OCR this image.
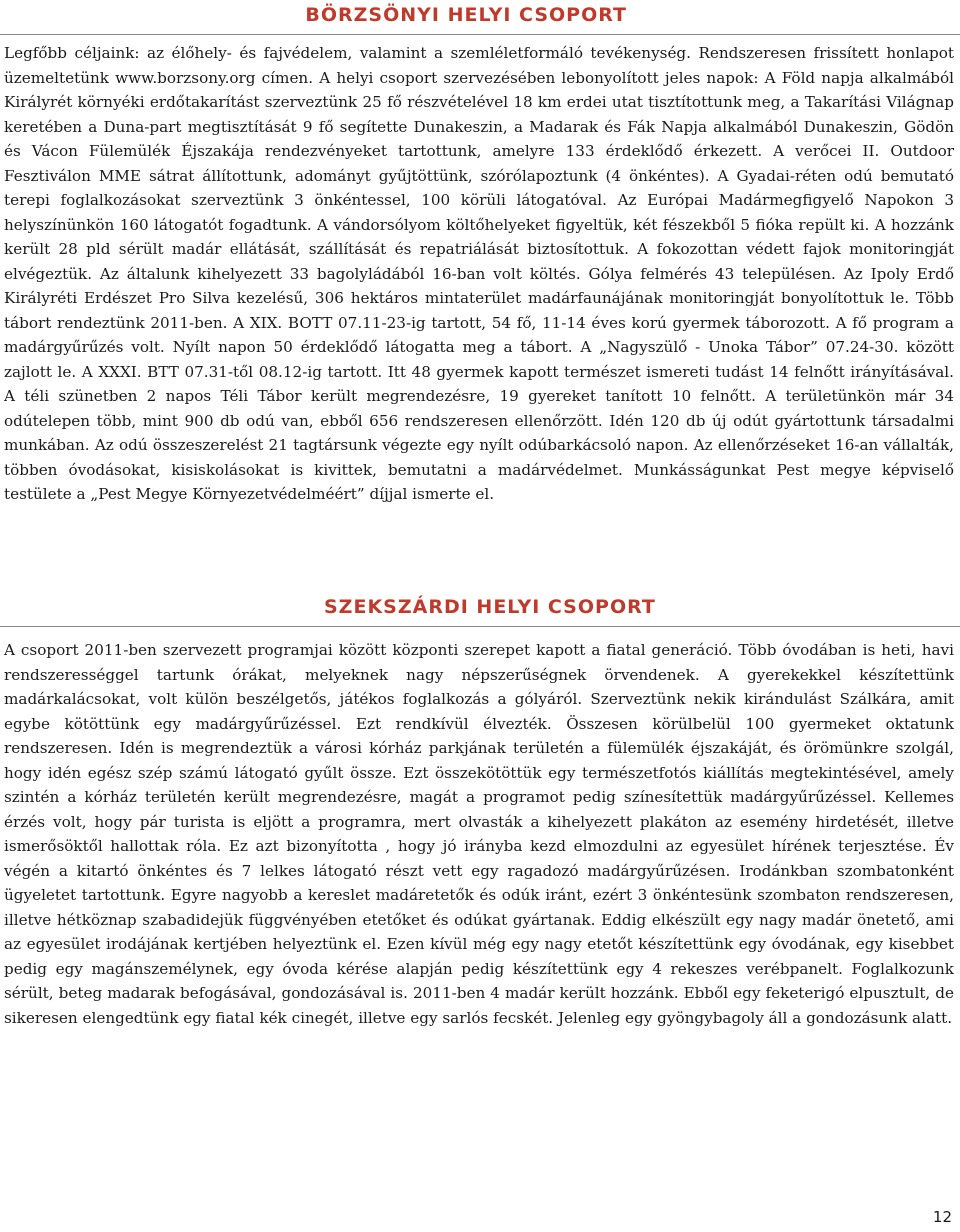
BÖRZSÖNYI HELYI CSOPORT

Legfőbb céljaink: az élőhely- és fajvédelem, valamint a szemléletformáló tevékenység. Rendszeresen frissített honlapot üzemeltetünk www.borzsony.org címen. A helyi csoport szervezésében lebonyolított jeles napok: A Föld napja alkalmából Királyrét környéki erdőtakarítást szerveztünk 25 fő részvételével 18 km erdei utat tisztítottunk meg, a Takarítási Világnap keretében a Duna-part megtisztítását 9 fő segítette Dunakeszin, a Madarak és Fák Napja alkalmából Dunakeszin, Gödön és Vácon Fülemülék Éjszakája rendezvényeket tartottunk, amelyre 133 érdeklődő érkezett. A verőcei II. Outdoor Fesztiválon MME sátrat állítottunk, adományt gyűjtöttünk, szórólapoztunk (4 önkéntes). A Gyadai-réten odú bemutató terepi foglalkozásokat szerveztünk 3 önkéntessel, 100 körüli látogatóval. Az Európai Madármegfigyelő Napokon 3 helyszínünkön 160 látogatót fogadtunk. A vándorsólyom költőhelyeket figyeltük, két fészekből 5 fióka repült ki. A hozzánk került 28 pld sérült madár ellátását, szállítását és repatriálását biztosítottuk. A fokozottan védett fajok monitoringját elvégeztük. Az általunk kihelyezett 33 bagolyládából 16-ban volt költés. Gólya felmérés 43 településen. Az Ipoly Erdő Királyréti Erdészet Pro Silva kezelésű, 306 hektáros mintaterület madárfaunájának monitoringját bonyolítottuk le. Több tábort rendeztünk 2011-ben. A XIX. BOTT 07.11-23-ig tartott, 54 fő, 11-14 éves korú gyermek táborozott. A fő program a madárgyűrűzés volt. Nyílt napon 50 érdeklődő látogatta meg a tábort. A „Nagyszülő - Unoka Tábor” 07.24-30. között zajlott le. A XXXI. BTT 07.31-től 08.12-ig tartott. Itt 48 gyermek kapott természet ismereti tudást 14 felnőtt irányításával. A téli szünetben 2 napos Téli Tábor került megrendezésre, 19 gyereket tanított 10 felnőtt. A területünkön már 34 odútelepen több, mint 900 db odú van, ebből 656 rendszeresen ellenőrzött. Idén 120 db új odút gyártottunk társadalmi munkában. Az odú összeszerelést 21 tagtársunk végezte egy nyílt odúbarkácsoló napon. Az ellenőrzéseket 16-an vállalták, többen óvodásokat, kisiskolásokat is kivittek, bemutatni a madárvédelmet. Munkásságunkat Pest megye képviselő testülete a „Pest Megye Környezetvédelméért” díjjal ismerte el.

SZEKSZÁRDI HELYI CSOPORT

A csoport 2011-ben szervezett programjai között központi szerepet kapott a fiatal generáció. Több óvodában is heti, havi rendszerességgel tartunk órákat, melyeknek nagy népszerűségnek örvendenek. A gyerekekkel készítettünk madárkalácsokat, volt külön beszélgetős, játékos foglalkozás a gólyáról. Szerveztünk nekik kirándulást Szálkára, amit egybe kötöttünk egy madárgyűrűzéssel. Ezt rendkívül élvezték. Összesen körülbelül 100 gyermeket oktatunk rendszeresen. Idén is megrendeztük a városi kórház parkjának területén a fülemülék éjszakáját, és örömünkre szolgál, hogy idén egész szép számú látogató gyűlt össze. Ezt összekötöttük egy természetfotós kiállítás megtekintésével, amely szintén a kórház területén került megrendezésre, magát a programot pedig színesítettük madárgyűrűzéssel. Kellemes érzés volt, hogy pár turista is eljött a programra, mert olvasták a kihelyezett plakáton az esemény hirdetését, illetve ismerősöktől hallottak róla. Ez azt bizonyította , hogy jó irányba kezd elmozdulni az egyesület hírének terjesztése. Év végén a kitartó önkéntes és 7 lelkes látogató részt vett egy ragadozó madárgyűrűzésen. Irodánkban szombatonként ügyeletet tartottunk. Egyre nagyobb a kereslet madáretetők és odúk iránt, ezért 3 önkéntesünk szombaton rendszeresen, illetve hétköznap szabadidejük függvényében etetőket és odúkat gyártanak. Eddig elkészült egy nagy madár önetető, ami az egyesület irodájának kertjében helyeztünk el. Ezen kívül még egy nagy etetőt készítettünk egy óvodának, egy kisebbet pedig egy magánszemélynek, egy óvoda kérése alapján pedig készítettünk egy 4 rekeszes verébpanelt. Foglalkozunk sérült, beteg madarak befogásával, gondozásával is. 2011-ben 4 madár került hozzánk. Ebből egy feketerigó elpusztult, de sikeresen elengedtünk egy fiatal kék cinegét, illetve egy sarlós fecskét. Jelenleg egy gyöngybagoly áll a gondozásunk alatt.

12
